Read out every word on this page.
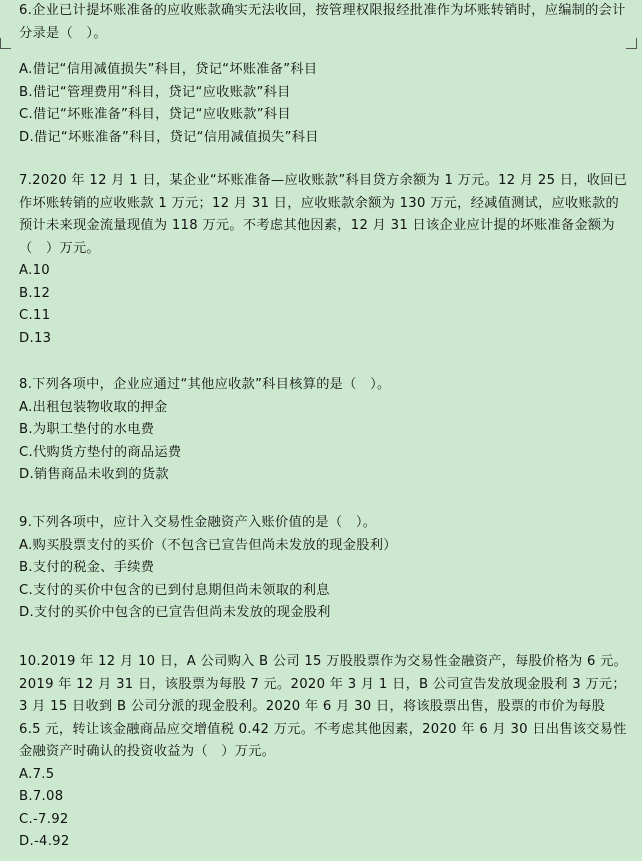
6.企业已计提坏账准备的应收账款确实无法收回，按管理权限报经批准作为坏账转销时，应编制的会计分录是（　）。

A.借记“信用减值损失”科目，贷记“坏账准备”科目

B.借记“管理费用”科目，贷记“应收账款”科目

C.借记“坏账准备”科目，贷记“应收账款”科目

D.借记“坏账准备”科目，贷记“信用减值损失”科目

7.2020 年 12 月 1 日，某企业“坏账准备—应收账款”科目贷方余额为 1 万元。12 月 25 日，收回已作坏账转销的应收账款 1 万元；12 月 31 日，应收账款余额为 130 万元，经减值测试，应收账款的预计未来现金流量现值为 118 万元。不考虑其他因素，12 月 31 日该企业应计提的坏账准备金额为（　）万元。

A.10

B.12

C.11

D.13

8.下列各项中，企业应通过“其他应收款”科目核算的是（　）。

A.出租包装物收取的押金

B.为职工垫付的水电费

C.代购货方垫付的商品运费

D.销售商品未收到的货款

9.下列各项中，应计入交易性金融资产入账价值的是（　）。

A.购买股票支付的买价（不包含已宣告但尚未发放的现金股利）

B.支付的税金、手续费

C.支付的买价中包含的已到付息期但尚未领取的利息

D.支付的买价中包含的已宣告但尚未发放的现金股利

10.2019 年 12 月 10 日，A 公司购入 B 公司 15 万股股票作为交易性金融资产，每股价格为 6 元。2019 年 12 月 31 日，该股票为每股 7 元。2020 年 3 月 1 日，B 公司宣告发放现金股利 3 万元；3 月 15 日收到 B 公司分派的现金股利。2020 年 6 月 30 日，将该股票出售，股票的市价为每股 6.5 元，转让该金融商品应交增值税 0.42 万元。不考虑其他因素，2020 年 6 月 30 日出售该交易性金融资产时确认的投资收益为（　）万元。

A.7.5

B.7.08

C.-7.92

D.-4.92
